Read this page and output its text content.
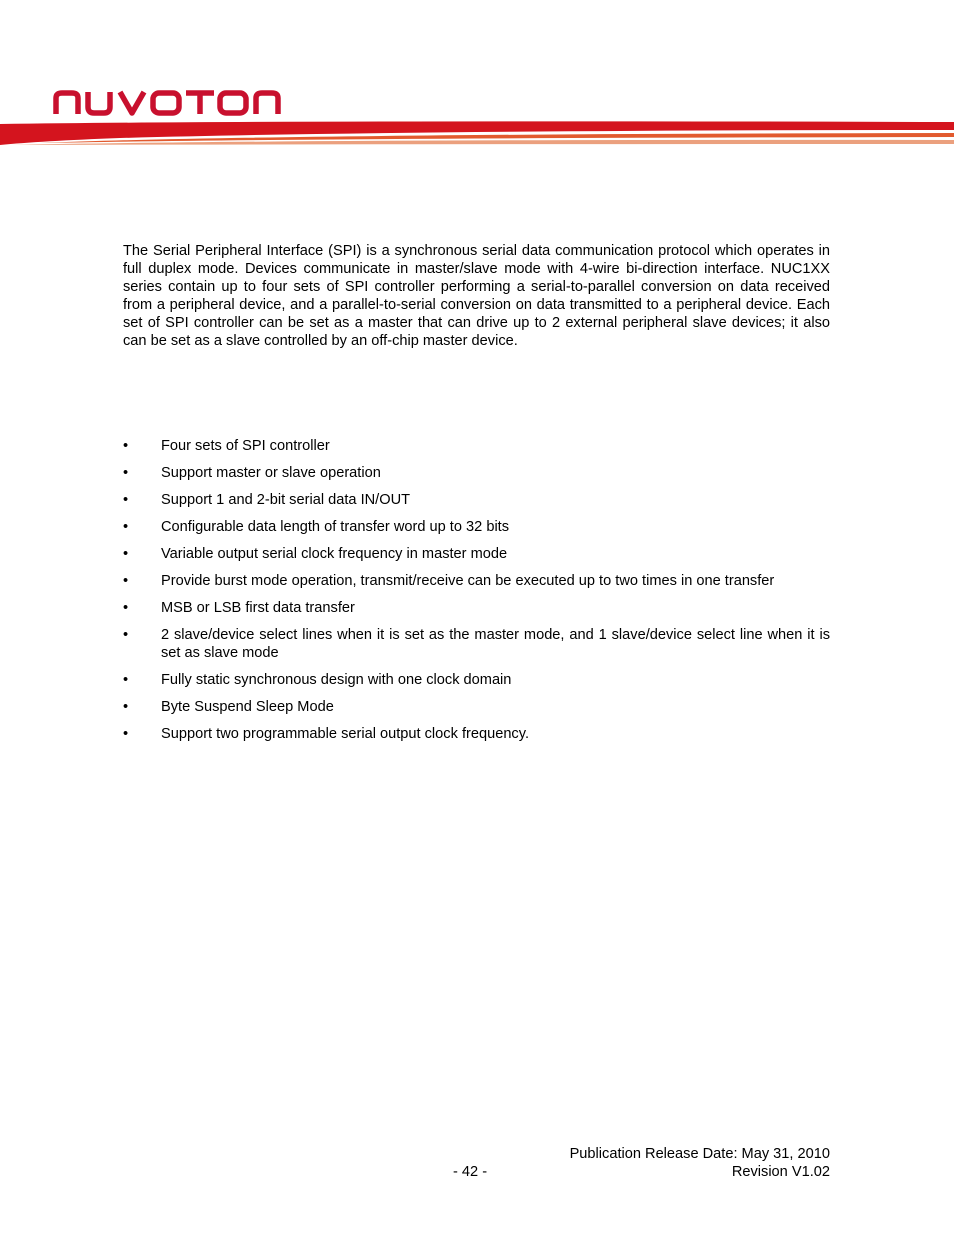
The Serial Peripheral Interface (SPI) is a synchronous serial data communication protocol which operates in full duplex mode. Devices communicate in master/slave mode with 4-wire bi-direction interface. NUC1XX series contain up to four sets of SPI controller performing a serial-to-parallel conversion on data received from a peripheral device, and a parallel-to-serial conversion on data transmitted to a peripheral device. Each set of SPI controller can be set as a master that can drive up to 2 external peripheral slave devices; it also can be set as a slave controlled by an off-chip master device.

• Four sets of SPI controller
• Support master or slave operation
• Support 1 and 2-bit serial data IN/OUT
• Configurable data length of transfer word up to 32 bits
• Variable output serial clock frequency in master mode
• Provide burst mode operation, transmit/receive can be executed up to two times in one transfer
• MSB or LSB first data transfer
• 2 slave/device select lines when it is set as the master mode, and 1 slave/device select line when it is set as slave mode
• Fully static synchronous design with one clock domain
• Byte Suspend Sleep Mode
• Support two programmable serial output clock frequency.
Publication Release Date: May 31, 2010
- 42 -	Revision V1.02
